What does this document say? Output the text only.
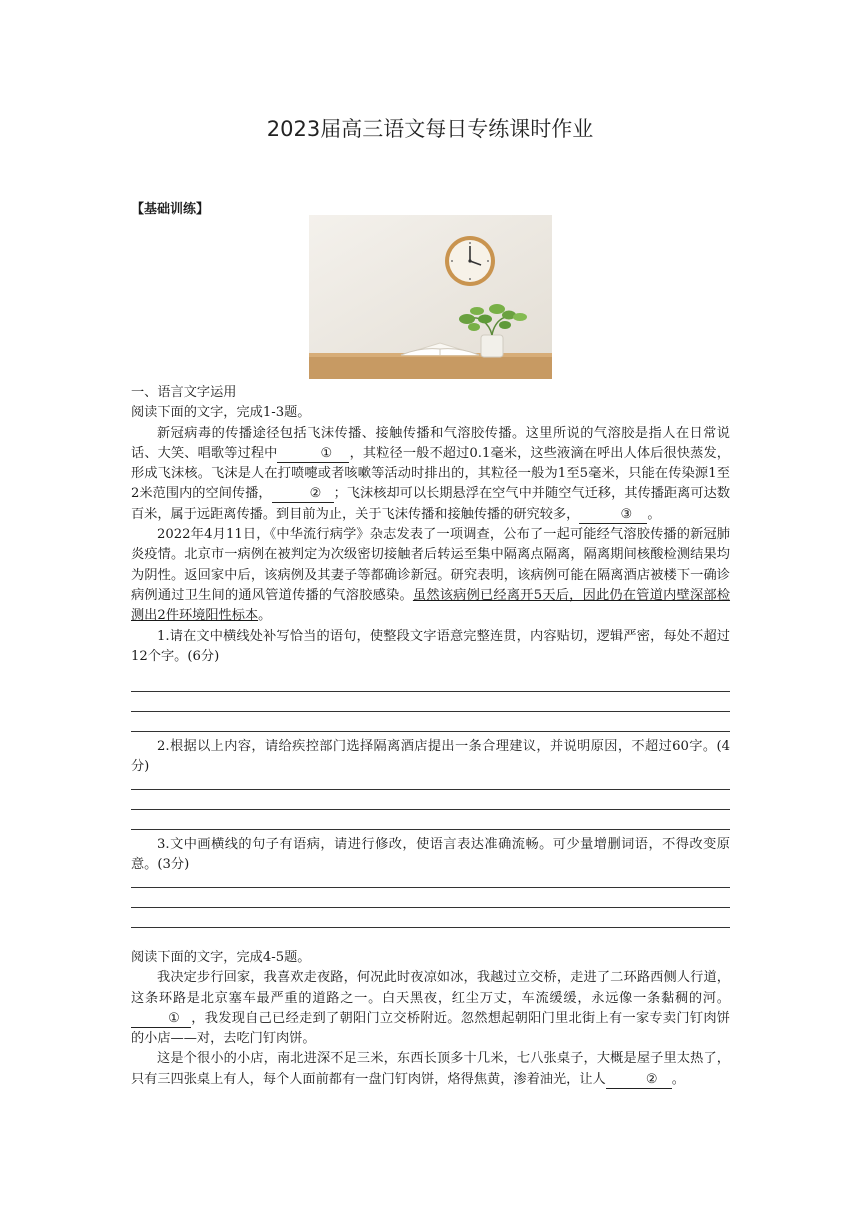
2023届高三语文每日专练课时作业
【基础训练】

一、语言文字运用

阅读下面的文字，完成1-3题。

新冠病毒的传播途径包括飞沫传播、接触传播和气溶胶传播。这里所说的气溶胶是指人在日常说话、大笑、唱歌等过程中	① ，其粒径一般不超过0.1毫米，这些液滴在呼出人体后很快蒸发，形成飞沫核。飞沫是人在打喷嚏或者咳嗽等活动时排出的，其粒径一般为1至5毫米，只能在传染源1至2米范围内的空间传播，	② ；飞沫核却可以长期悬浮在空气中并随空气迁移，其传播距离可达数百米，属于远距离传播。到目前为止，关于飞沫传播和接触传播的研究较多，	③ 。

2022年4月11日，《中华流行病学》杂志发表了一项调查，公布了一起可能经气溶胶传播的新冠肺炎疫情。北京市一病例在被判定为次级密切接触者后转运至集中隔离点隔离，隔离期间核酸检测结果均为阴性。返回家中后，该病例及其妻子等都确诊新冠。研究表明，该病例可能在隔离酒店被楼下一确诊病例通过卫生间的通风管道传播的气溶胶感染。虽然该病例已经离开5天后，因此仍在管道内壁深部检测出2件环境阳性标本。

1.请在文中横线处补写恰当的语句，使整段文字语意完整连贯，内容贴切，逻辑严密，每处不超过12个字。(6分)

2.根据以上内容，请给疾控部门选择隔离酒店提出一条合理建议，并说明原因，不超过60字。(4分)

3.文中画横线的句子有语病，请进行修改，使语言表达准确流畅。可少量增删词语，不得改变原意。(3分)

阅读下面的文字，完成4-5题。

我决定步行回家，我喜欢走夜路，何况此时夜凉如冰，我越过立交桥，走进了二环路西侧人行道，这条环路是北京塞车最严重的道路之一。白天黑夜，红尘万丈，车流缓缓，永远像一条黏稠的河。① ，我发现自己已经走到了朝阳门立交桥附近。忽然想起朝阳门里北街上有一家专卖门钉肉饼的小店——对，去吃门钉肉饼。

这是个很小的小店，南北进深不足三米，东西长顶多十几米，七八张桌子，大概是屋子里太热了，只有三四张桌上有人，每个人面前都有一盘门钉肉饼，烙得焦黄，渗着油光，让人	② 。
